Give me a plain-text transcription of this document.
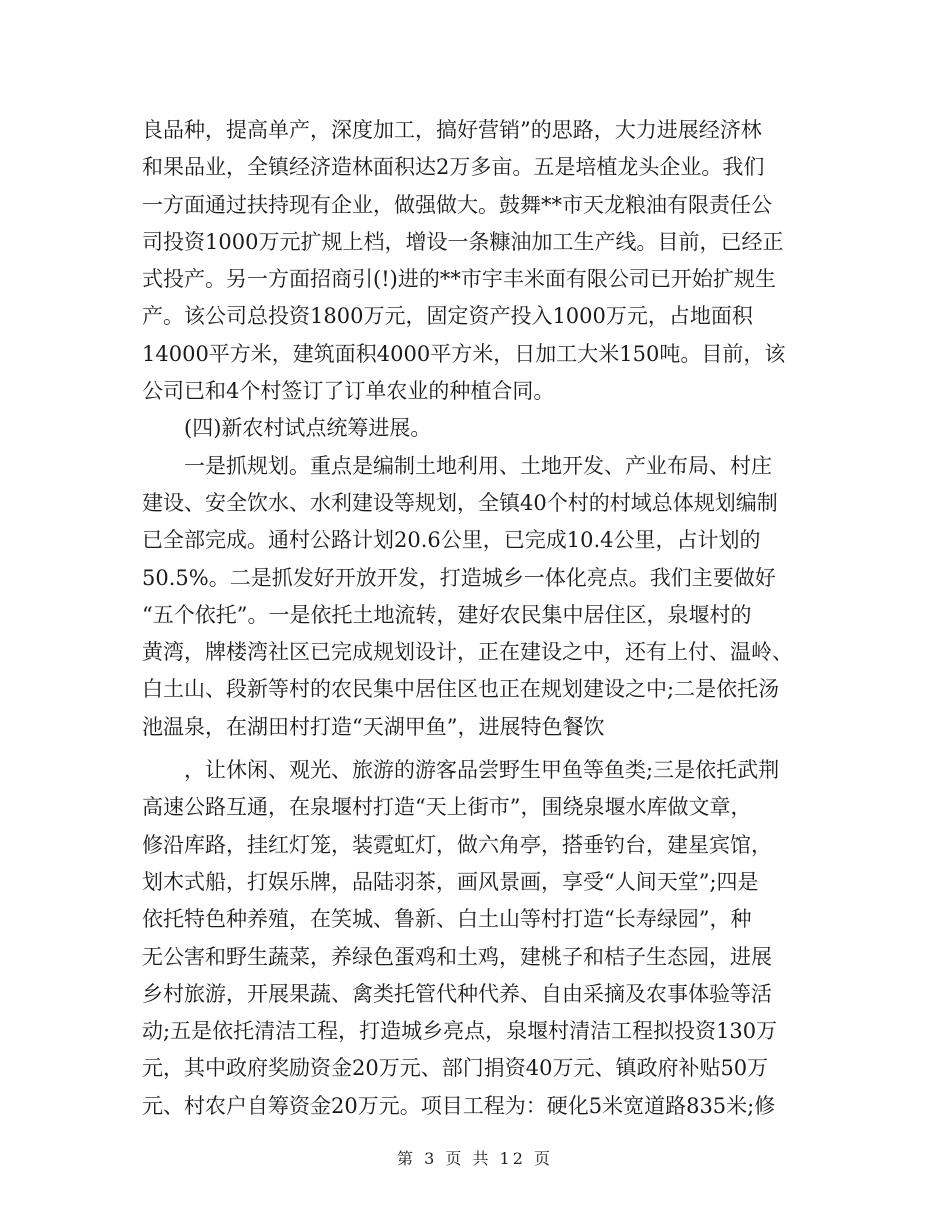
良品种，提高单产，深度加工，搞好营销”的思路，大力进展经济林
和果品业，全镇经济造林面积达2万多亩。五是培植龙头企业。我们
一方面通过扶持现有企业，做强做大。鼓舞**市天龙粮油有限责任公
司投资1000万元扩规上档，增设一条糠油加工生产线。目前，已经正
式投产。另一方面招商引(!)进的**市宇丰米面有限公司已开始扩规生
产。该公司总投资1800万元，固定资产投入1000万元，占地面积
14000平方米，建筑面积4000平方米，日加工大米150吨。目前，该
公司已和4个村签订了订单农业的种植合同。
(四)新农村试点统筹进展。
一是抓规划。重点是编制土地利用、土地开发、产业布局、村庄
建设、安全饮水、水利建设等规划，全镇40个村的村域总体规划编制
已全部完成。通村公路计划20.6公里，已完成10.4公里，占计划的
50.5%。二是抓发好开放开发，打造城乡一体化亮点。我们主要做好
“五个依托”。一是依托土地流转，建好农民集中居住区，泉堰村的
黄湾，牌楼湾社区已完成规划设计，正在建设之中，还有上付、温岭、
白土山、段新等村的农民集中居住区也正在规划建设之中;二是依托汤
池温泉，在湖田村打造“天湖甲鱼”，进展特色餐饮
，让休闲、观光、旅游的游客品尝野生甲鱼等鱼类;三是依托武荆
高速公路互通，在泉堰村打造“天上街市”，围绕泉堰水库做文章，
修沿库路，挂红灯笼，装霓虹灯，做六角亭，搭垂钓台，建星宾馆，
划木式船，打娱乐牌，品陆羽茶，画风景画，享受“人间天堂”;四是
依托特色种养殖，在笑城、鲁新、白土山等村打造“长寿绿园”，种
无公害和野生蔬菜，养绿色蛋鸡和土鸡，建桃子和桔子生态园，进展
乡村旅游，开展果蔬、禽类托管代种代养、自由采摘及农事体验等活
动;五是依托清洁工程，打造城乡亮点，泉堰村清洁工程拟投资130万
元，其中政府奖励资金20万元、部门捐资40万元、镇政府补贴50万
元、村农户自筹资金20万元。项目工程为：硬化5米宽道路835米;修
第 3 页 共 12 页
